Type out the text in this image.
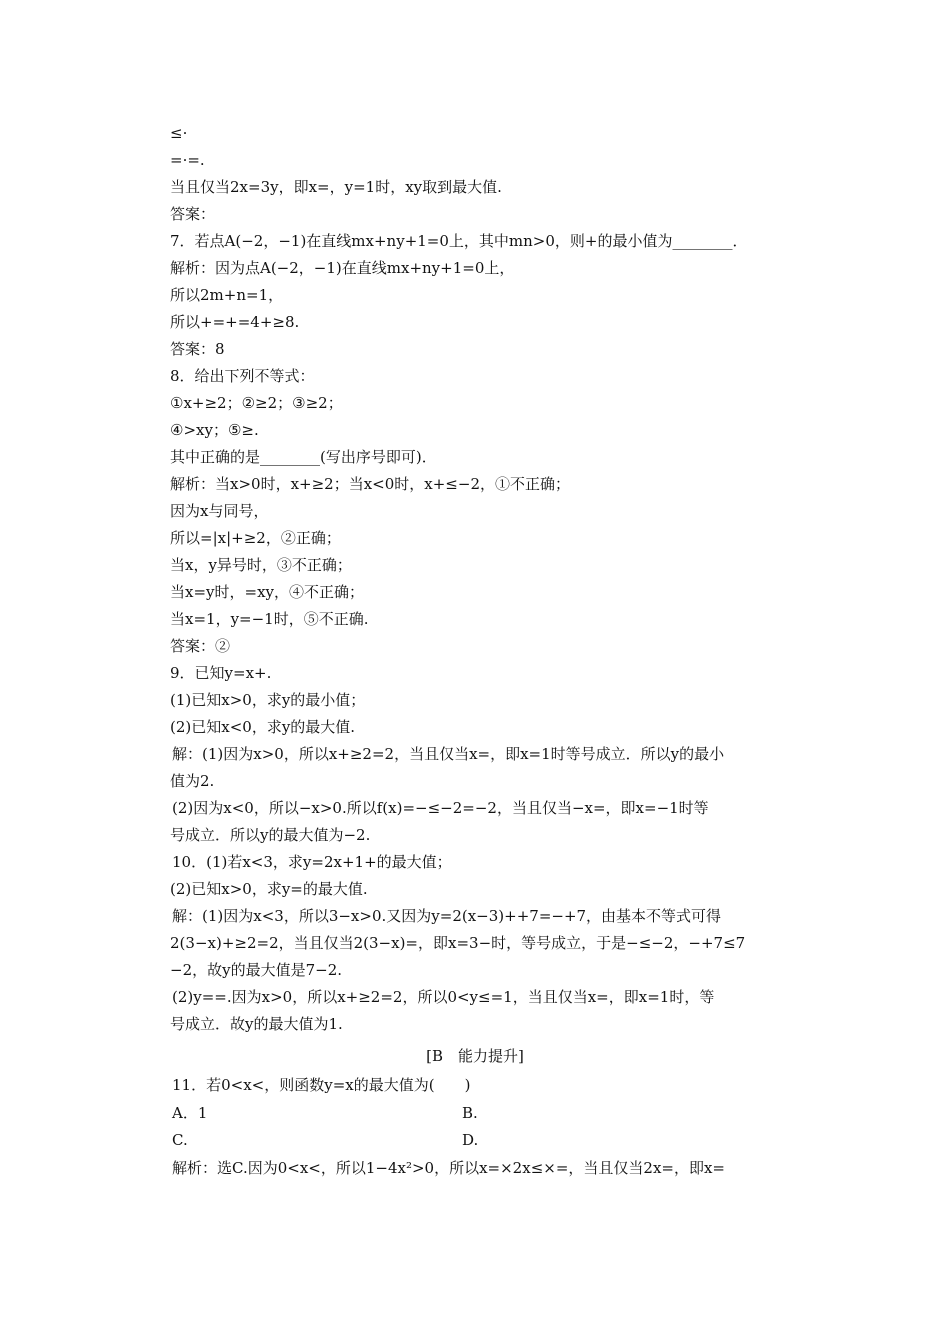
≤·
=·=.
当且仅当2x=3y，即x=，y=1时，xy取到最大值.
答案：
7．若点A(−2，−1)在直线mx+ny+1=0上，其中mn>0，则+的最小值为________．
解析：因为点A(−2，−1)在直线mx+ny+1=0上，
所以2m+n=1，
所以+=+=4+≥8.
答案：8
8．给出下列不等式：
①x+≥2；②≥2；③≥2；
④>xy；⑤≥.
其中正确的是________(写出序号即可)．
解析：当x>0时，x+≥2；当x<0时，x+≤−2，①不正确；
因为x与同号，
所以=|x|+≥2，②正确；
当x，y异号时，③不正确；
当x=y时，=xy，④不正确；
当x=1，y=−1时，⑤不正确.
答案：②
9．已知y=x+.
(1)已知x>0，求y的最小值；
(2)已知x<0，求y的最大值.
解：(1)因为x>0，所以x+≥2=2，当且仅当x=，即x=1时等号成立．所以y的最小
值为2.
(2)因为x<0，所以−x>0.所以f(x)=−≤−2=−2，当且仅当−x=，即x=−1时等
号成立．所以y的最大值为−2.
10．(1)若x<3，求y=2x+1+的最大值；
(2)已知x>0，求y=的最大值.
解：(1)因为x<3，所以3−x>0.又因为y=2(x−3)++7=−+7，由基本不等式可得
2(3−x)+≥2=2，当且仅当2(3−x)=，即x=3−时，等号成立，于是−≤−2，−+7≤7
−2，故y的最大值是7−2.
(2)y==.因为x>0，所以x+≥2=2，所以0<y≤=1，当且仅当x=，即x=1时，等
号成立．故y的最大值为1.
[B　能力提升]
11．若0<x<，则函数y=x的最大值为(　　)
A．1	B.
C.	D.
解析：选C.因为0<x<，所以1−4x²>0，所以x=×2x≤×=，当且仅当2x=，即x=
